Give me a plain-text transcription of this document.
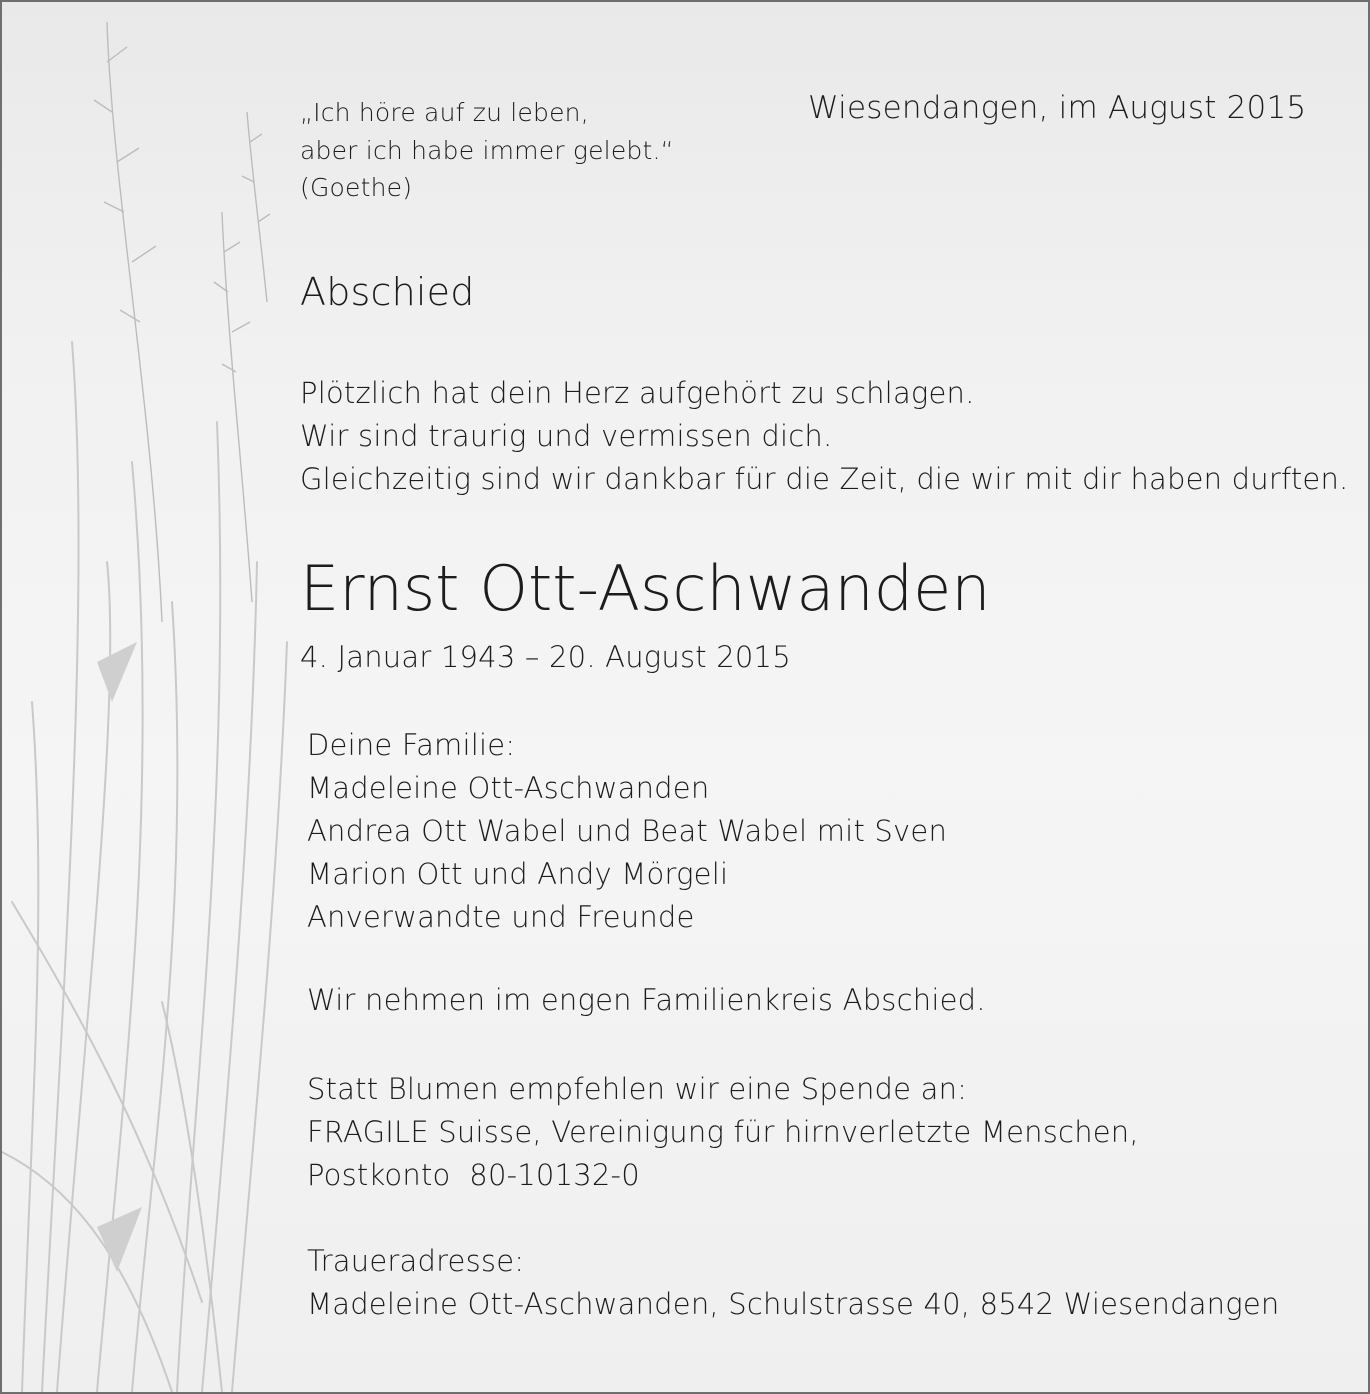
„Ich höre auf zu leben,
aber ich habe immer gelebt.“
(Goethe)
Wiesendangen, im August 2015
Abschied
Plötzlich hat dein Herz aufgehört zu schlagen.
Wir sind traurig und vermissen dich.
Gleichzeitig sind wir dankbar für die Zeit, die wir mit dir haben durften.
Ernst Ott-Aschwanden
4. Januar 1943 – 20. August 2015
Deine Familie:
Madeleine Ott-Aschwanden
Andrea Ott Wabel und Beat Wabel mit Sven
Marion Ott und Andy Mörgeli
Anverwandte und Freunde
Wir nehmen im engen Familienkreis Abschied.
Statt Blumen empfehlen wir eine Spende an:
FRAGILE Suisse, Vereinigung für hirnverletzte Menschen,
Postkonto  80-10132-0
Traueradresse:
Madeleine Ott-Aschwanden, Schulstrasse 40, 8542 Wiesendangen
